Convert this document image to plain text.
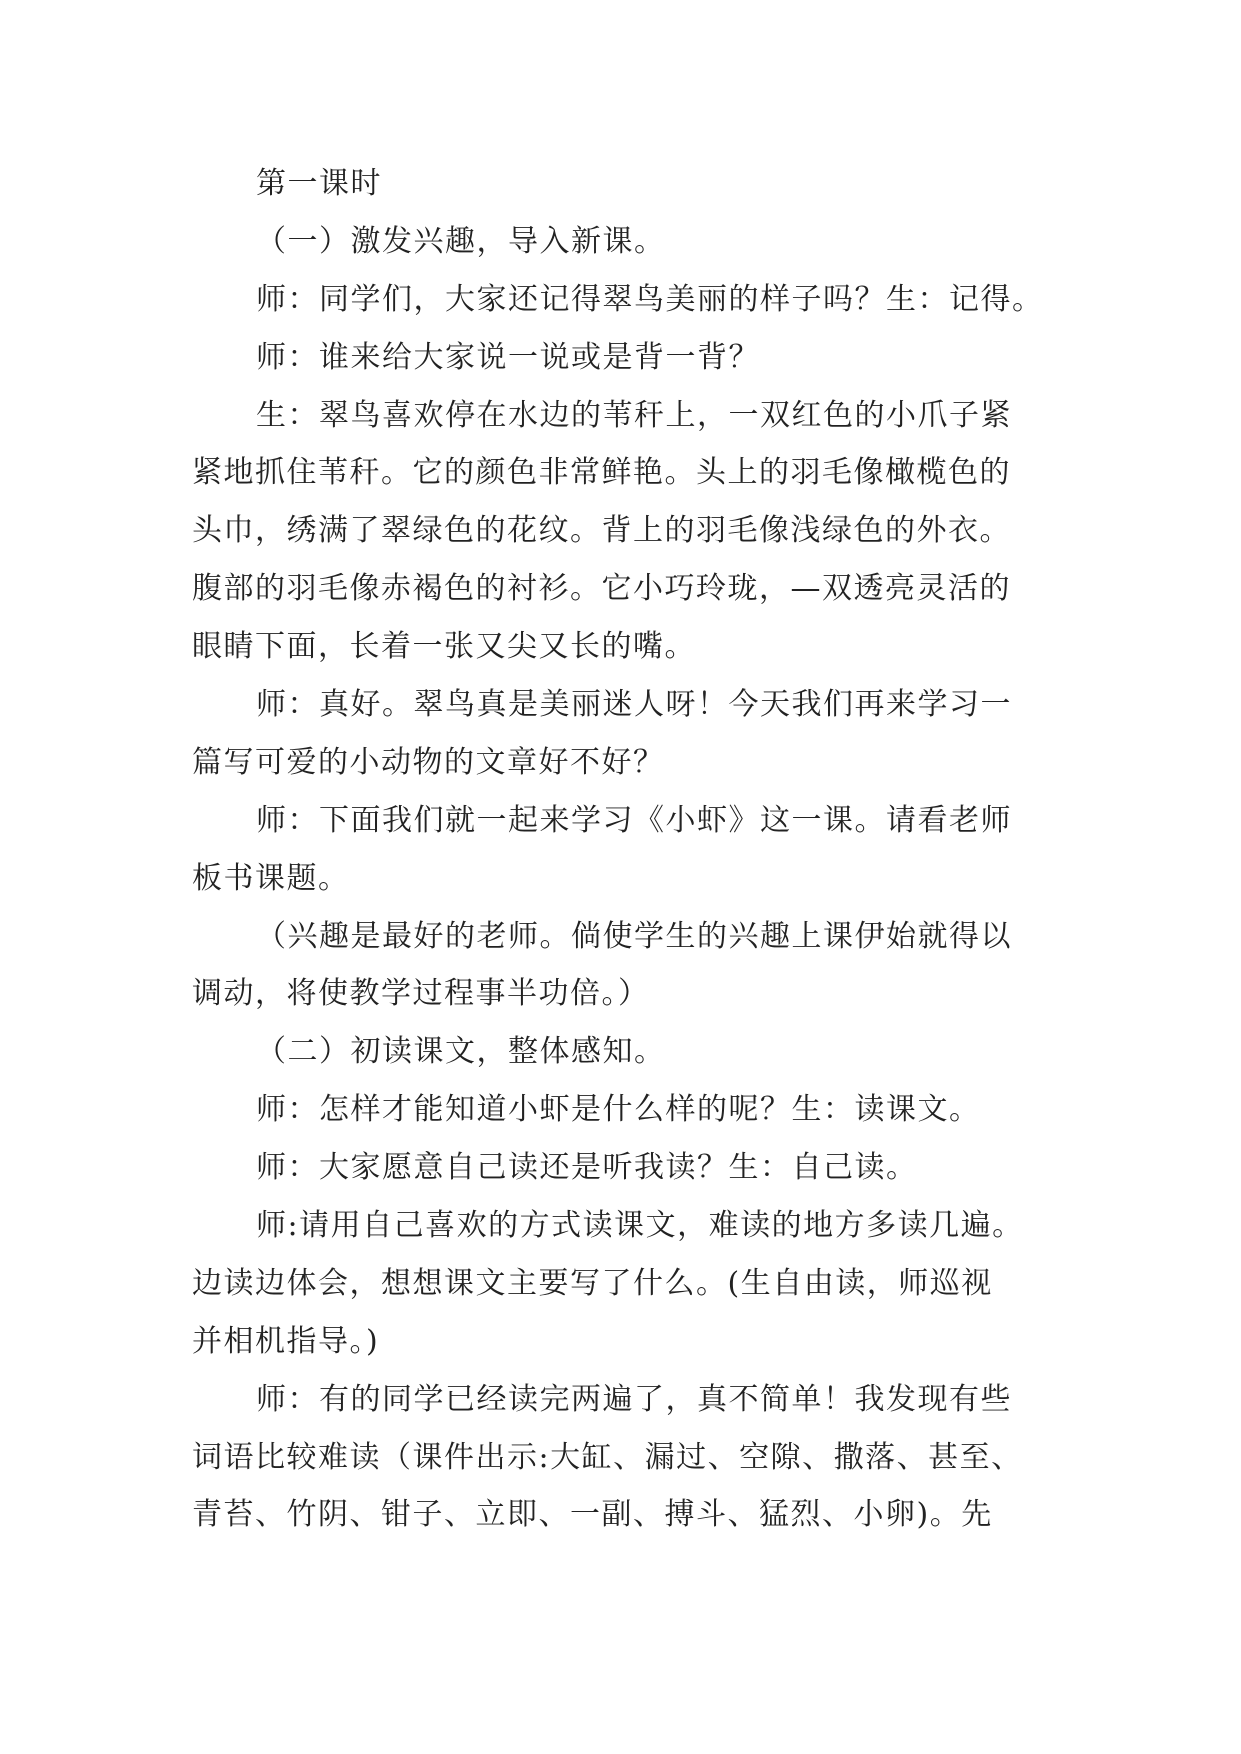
第一课时
（一）激发兴趣，导入新课。
师：同学们，大家还记得翠鸟美丽的样子吗？生：记得。
师：谁来给大家说一说或是背一背？
生：翠鸟喜欢停在水边的苇秆上，一双红色的小爪子紧
紧地抓住苇秆。它的颜色非常鲜艳。头上的羽毛像橄榄色的
头巾，绣满了翠绿色的花纹。背上的羽毛像浅绿色的外衣。
腹部的羽毛像赤褐色的衬衫。它小巧玲珑，—双透亮灵活的
眼睛下面，长着一张又尖又长的嘴。
师：真好。翠鸟真是美丽迷人呀！今天我们再来学习一
篇写可爱的小动物的文章好不好？
师：下面我们就一起来学习《小虾》这一课。请看老师
板书课题。
（兴趣是最好的老师。倘使学生的兴趣上课伊始就得以
调动，将使教学过程事半功倍。）
（二）初读课文，整体感知。
师：怎样才能知道小虾是什么样的呢？生：读课文。
师：大家愿意自己读还是听我读？生：自己读。
师:请用自己喜欢的方式读课文，难读的地方多读几遍。
边读边体会，想想课文主要写了什么。(生自由读，师巡视
并相机指导。)
师：有的同学已经读完两遍了，真不简单！我发现有些
词语比较难读（课件出示:大缸、漏过、空隙、撒落、甚至、
青苔、竹阴、钳子、立即、一副、搏斗、猛烈、小卵)。先
